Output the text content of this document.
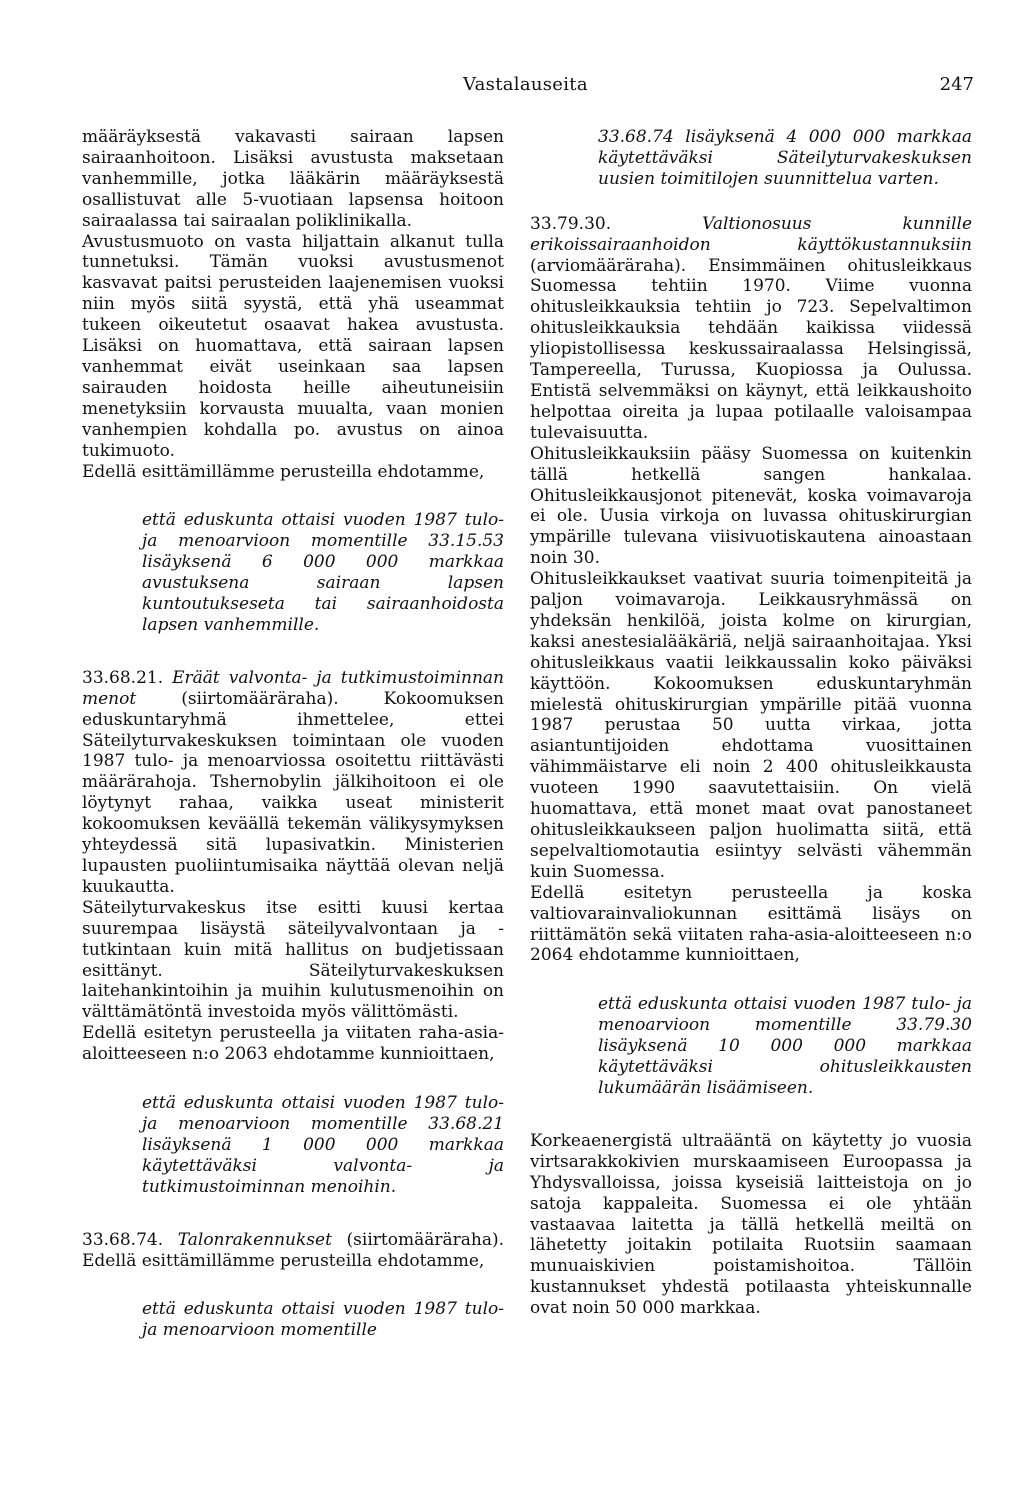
Vastalauseita	247

määräyksestä vakavasti sairaan lapsen sairaanhoitoon. Lisäksi avustusta maksetaan vanhemmille, jotka lääkärin määräyksestä osallistuvat alle 5-vuotiaan lapsensa hoitoon sairaalassa tai sairaalan poliklinikalla.

Avustusmuoto on vasta hiljattain alkanut tulla tunnetuksi. Tämän vuoksi avustusmenot kasvavat paitsi perusteiden laajenemisen vuoksi niin myös siitä syystä, että yhä useammat tukeen oikeutetut osaavat hakea avustusta. Lisäksi on huomattava, että sairaan lapsen vanhemmat eivät useinkaan saa lapsen sairauden hoidosta heille aiheutuneisiin menetyksiin korvausta muualta, vaan monien vanhempien kohdalla po. avustus on ainoa tukimuoto.

Edellä esittämillämme perusteilla ehdotamme,

että eduskunta ottaisi vuoden 1987 tulo- ja menoarvioon momentille 33.15.53 lisäyksenä 6 000 000 markkaa avustuksena sairaan lapsen kuntoutukseseta tai sairaanhoidosta lapsen vanhemmille.

33.68.21. Eräät valvonta- ja tutkimustoiminnan menot	(siirtomääräraha). Kokoomuksen eduskuntaryhmä ihmettelee, ettei Säteilyturvakeskuksen toimintaan ole vuoden 1987 tulo- ja menoarviossa osoitettu riittävästi määrärahoja. Tshernobylin jälkihoitoon ei ole löytynyt rahaa, vaikka useat ministerit kokoomuksen keväällä tekemän välikysymyksen yhteydessä sitä lupasivatkin. Ministerien lupausten puoliintumisaika näyttää olevan neljä kuukautta.

Säteilyturvakeskus itse esitti kuusi kertaa suurempaa lisäystä säteilyvalvontaan ja -tutkintaan kuin mitä hallitus on budjetissaan esittänyt. Säteilyturvakeskuksen laitehankintoihin ja muihin kulutusmenoihin on välttämätöntä investoida myös välittömästi.

Edellä esitetyn perusteella ja viitaten raha-asia-aloitteeseen n:o 2063 ehdotamme kunnioittaen,

että eduskunta ottaisi vuoden 1987 tulo- ja menoarvioon momentille 33.68.21 lisäyksenä 1 000 000 markkaa käytettäväksi valvonta- ja tutkimustoiminnan menoihin.

33.68.74. Talonrakennukset (siirtomääräraha). Edellä esittämillämme perusteilla ehdotamme,

että eduskunta ottaisi vuoden 1987 tulo- ja menoarvioon momentille

33.68.74 lisäyksenä 4 000 000 markkaa käytettäväksi Säteilyturvakeskuksen uusien toimitilojen suunnittelua varten.

33.79.30.	Valtionosuus kunnille erikoissairaanhoidon käyttökustannuksiin (arviomääräraha). Ensimmäinen ohitusleikkaus Suomessa tehtiin 1970. Viime vuonna ohitusleikkauksia tehtiin jo 723. Sepelvaltimon ohitusleikkauksia tehdään kaikissa viidessä yliopistollisessa keskussairaalassa Helsingissä, Tampereella, Turussa, Kuopiossa ja Oulussa. Entistä selvemmäksi on käynyt, että leikkaushoito helpottaa oireita ja lupaa potilaalle valoisampaa tulevaisuutta.

Ohitusleikkauksiin pääsy Suomessa on kuitenkin tällä hetkellä sangen hankalaa. Ohitusleikkausjonot pitenevät, koska voimavaroja ei ole. Uusia virkoja on luvassa ohituskirurgian ympärille tulevana viisivuotiskautena ainoastaan noin 30.

Ohitusleikkaukset vaativat suuria toimenpiteitä ja paljon voimavaroja. Leikkausryhmässä on yhdeksän henkilöä, joista kolme on kirurgian, kaksi anestesialääkäriä, neljä sairaanhoitajaa. Yksi ohitusleikkaus vaatii leikkaussalin koko päiväksi käyttöön. Kokoomuksen eduskuntaryhmän mielestä ohituskirurgian ympärille pitää vuonna 1987 perustaa 50 uutta virkaa, jotta asiantuntijoiden ehdottama vuosittainen vähimmäistarve eli noin 2 400 ohitusleikkausta vuoteen 1990 saavutettaisiin. On vielä huomattava, että monet maat ovat panostaneet ohitusleikkaukseen paljon huolimatta siitä, että sepelvaltiomotautia esiintyy selvästi vähemmän kuin Suomessa.

Edellä esitetyn perusteella ja koska valtiovarainvaliokunnan esittämä lisäys on riittämätön sekä viitaten raha-asia-aloitteeseen n:o 2064 ehdotamme kunnioittaen,

että eduskunta ottaisi vuoden 1987 tulo- ja menoarvioon momentille 33.79.30 lisäyksenä 10 000 000 markkaa käytettäväksi ohitusleikkausten lukumäärän lisäämiseen.

Korkeaenergistä ultraääntä on käytetty jo vuosia virtsarakkokivien murskaamiseen Euroopassa ja Yhdysvalloissa, joissa kyseisiä laitteistoja on jo satoja kappaleita. Suomessa ei ole yhtään vastaavaa laitetta ja tällä hetkellä meiltä on lähetetty joitakin potilaita Ruotsiin saamaan munuaiskivien poistamishoitoa. Tällöin kustannukset yhdestä potilaasta yhteiskunnalle ovat noin 50 000 markkaa.
